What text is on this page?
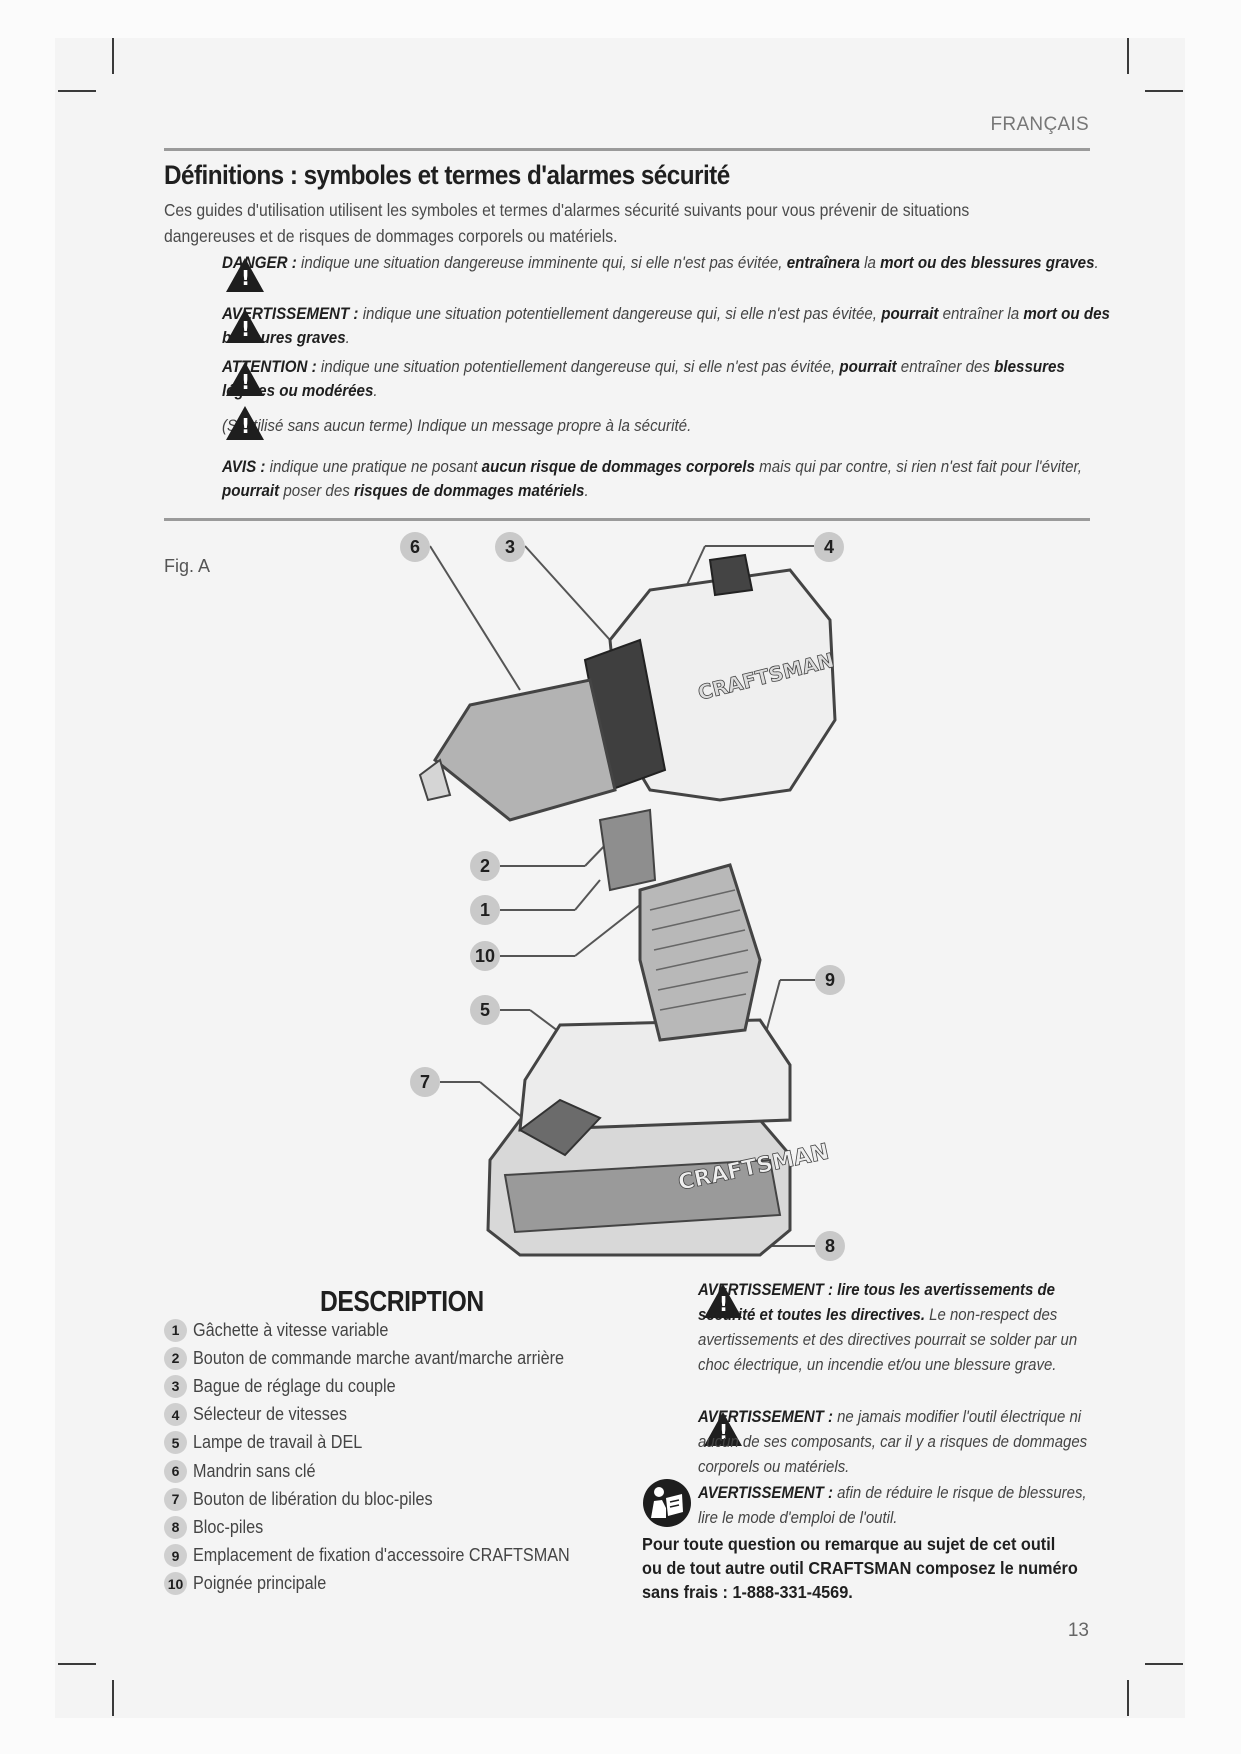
FRANÇAIS
Définitions : symboles et termes d'alarmes sécurité
Ces guides d'utilisation utilisent les symboles et termes d'alarmes sécurité suivants pour vous prévenir de situations dangereuses et de risques de dommages corporels ou matériels.
DANGER : indique une situation dangereuse imminente qui, si elle n'est pas évitée, entraînera la mort ou des blessures graves.
!
AVERTISSEMENT : indique une situation potentiellement dangereuse qui, si elle n'est pas évitée, pourrait entraîner la mort ou des blessures graves.
!
ATTENTION : indique une situation potentiellement dangereuse qui, si elle n'est pas évitée, pourrait entraîner des blessures légères ou modérées.
!
(Si utilisé sans aucun terme) Indique un message propre à la sécurité.
!
AVIS : indique une pratique ne posant aucun risque de dommages corporels mais qui par contre, si rien n'est fait pour l'éviter, pourrait poser des risques de dommages matériels.
Fig. A
CRAFTSMAN
CRAFTSMAN
6	3	4
2
1
10
9
5
7
8
DESCRIPTION
1 Gâchette à vitesse variable
2 Bouton de commande marche avant/marche arrière
3 Bague de réglage du couple
4 Sélecteur de vitesses
5 Lampe de travail à DEL
6 Mandrin sans clé
7 Bouton de libération du bloc-piles
8 Bloc-piles
9 Emplacement de fixation d'accessoire CRAFTSMAN
10 Poignée principale
!
AVERTISSEMENT : lire tous les avertissements de sécurité et toutes les directives. Le non-respect des avertissements et des directives pourrait se solder par un choc électrique, un incendie et/ou une blessure grave.
!
AVERTISSEMENT : ne jamais modifier l'outil électrique ni aucun de ses composants, car il y a risques de dommages corporels ou matériels.
AVERTISSEMENT : afin de réduire le risque de blessures, lire le mode d'emploi de l'outil.
Pour toute question ou remarque au sujet de cet outil ou de tout autre outil CRAFTSMAN composez le numéro sans frais : 1-888-331-4569.
13
